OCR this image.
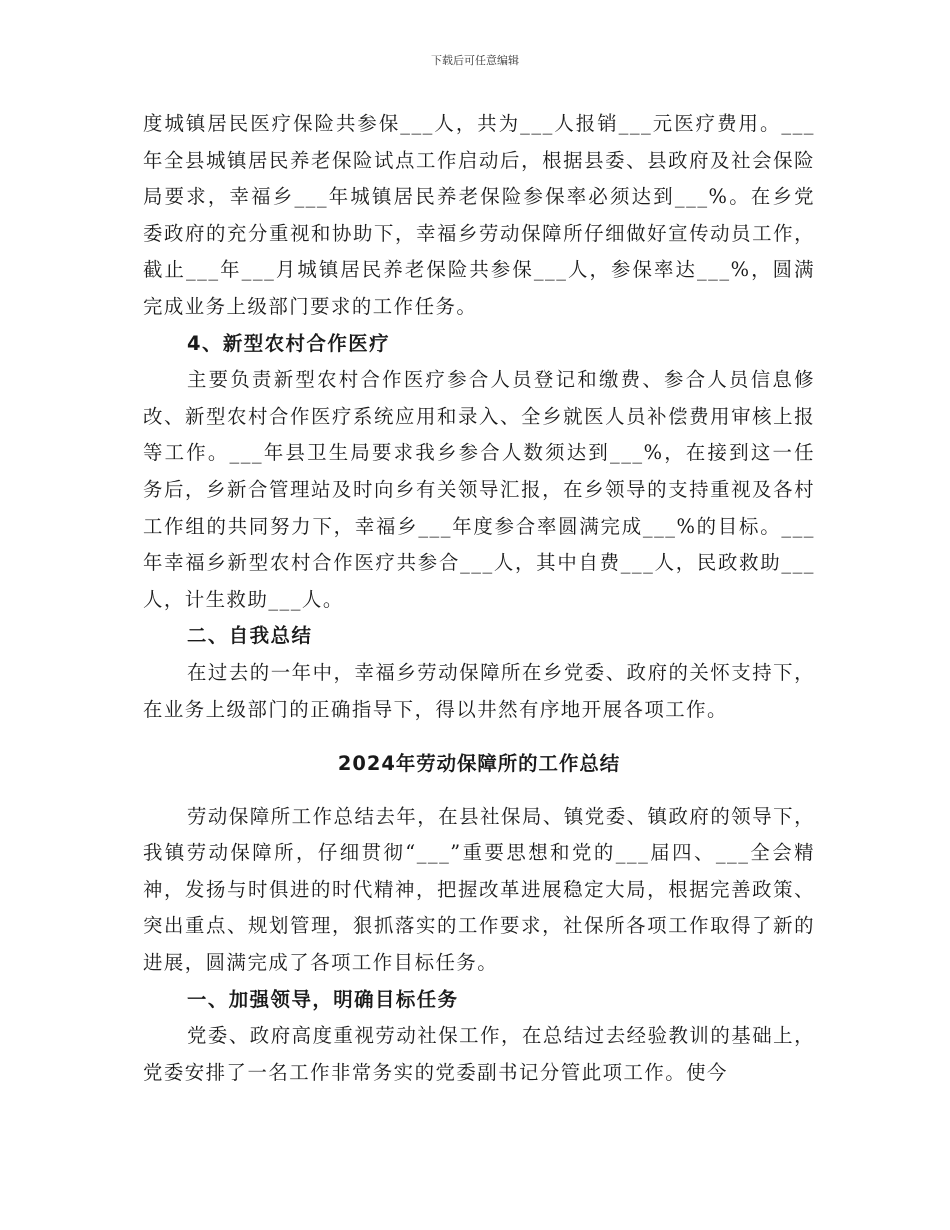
下载后可任意编辑

度城镇居民医疗保险共参保___人，共为___人报销___元医疗费用。___年全县城镇居民养老保险试点工作启动后，根据县委、县政府及社会保险局要求，幸福乡___年城镇居民养老保险参保率必须达到___%。在乡党委政府的充分重视和协助下，幸福乡劳动保障所仔细做好宣传动员工作，截止___年___月城镇居民养老保险共参保___人，参保率达___%，圆满完成业务上级部门要求的工作任务。

4、新型农村合作医疗

主要负责新型农村合作医疗参合人员登记和缴费、参合人员信息修改、新型农村合作医疗系统应用和录入、全乡就医人员补偿费用审核上报等工作。___年县卫生局要求我乡参合人数须达到___%，在接到这一任务后，乡新合管理站及时向乡有关领导汇报，在乡领导的支持重视及各村工作组的共同努力下，幸福乡___年度参合率圆满完成___%的目标。___年幸福乡新型农村合作医疗共参合___人，其中自费___人，民政救助___人，计生救助___人。

二、自我总结

在过去的一年中，幸福乡劳动保障所在乡党委、政府的关怀支持下，在业务上级部门的正确指导下，得以井然有序地开展各项工作。

2024年劳动保障所的工作总结

劳动保障所工作总结去年，在县社保局、镇党委、镇政府的领导下，我镇劳动保障所，仔细贯彻“___”重要思想和党的___届四、___全会精神，发扬与时俱进的时代精神，把握改革进展稳定大局，根据完善政策、突出重点、规划管理，狠抓落实的工作要求，社保所各项工作取得了新的进展，圆满完成了各项工作目标任务。

一、加强领导，明确目标任务

党委、政府高度重视劳动社保工作，在总结过去经验教训的基础上，党委安排了一名工作非常务实的党委副书记分管此项工作。使今
